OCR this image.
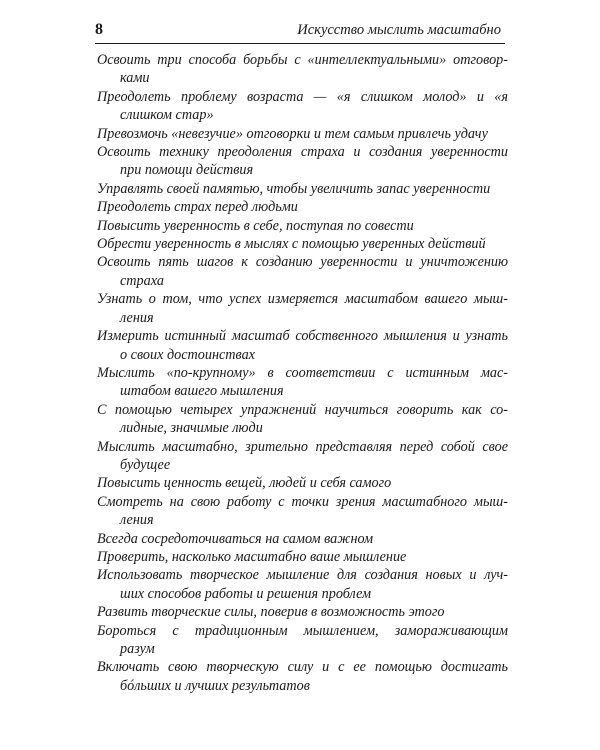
8	Искусство мыслить масштабно

Освоить три способа борьбы с «интеллектуальными» отговор-
ками

Преодолеть проблему возраста — «я слишком молод» и «я
слишком стар»

Превозмочь «невезучие» отговорки и тем самым привлечь удачу

Освоить технику преодоления страха и создания уверенности
при помощи действия

Управлять своей памятью, чтобы увеличить запас уверенности

Преодолеть страх перед людьми

Повысить уверенность в себе, поступая по совести

Обрести уверенность в мыслях с помощью уверенных действий

Освоить пять шагов к созданию уверенности и уничтожению
страха

Узнать о том, что успех измеряется масштабом вашего мыш-
ления

Измерить истинный масштаб собственного мышления и узнать
о своих достоинствах

Мыслить «по-крупному» в соответствии с истинным мас-
штабом вашего мышления

С помощью четырех упражнений научиться говорить как со-
лидные, значимые люди

Мыслить масштабно, зрительно представляя перед собой свое
будущее

Повысить ценность вещей, людей и себя самого

Смотреть на свою работу с точки зрения масштабного мыш-
ления

Всегда сосредоточиваться на самом важном

Проверить, насколько масштабно ваше мышление

Использовать творческое мышление для создания новых и луч-
ших способов работы и решения проблем

Развить творческие силы, поверив в возможность этого

Бороться с традиционным мышлением, замораживающим
разум

Включать свою творческую силу и с ее помощью достигать
бóльших и лучших результатов
